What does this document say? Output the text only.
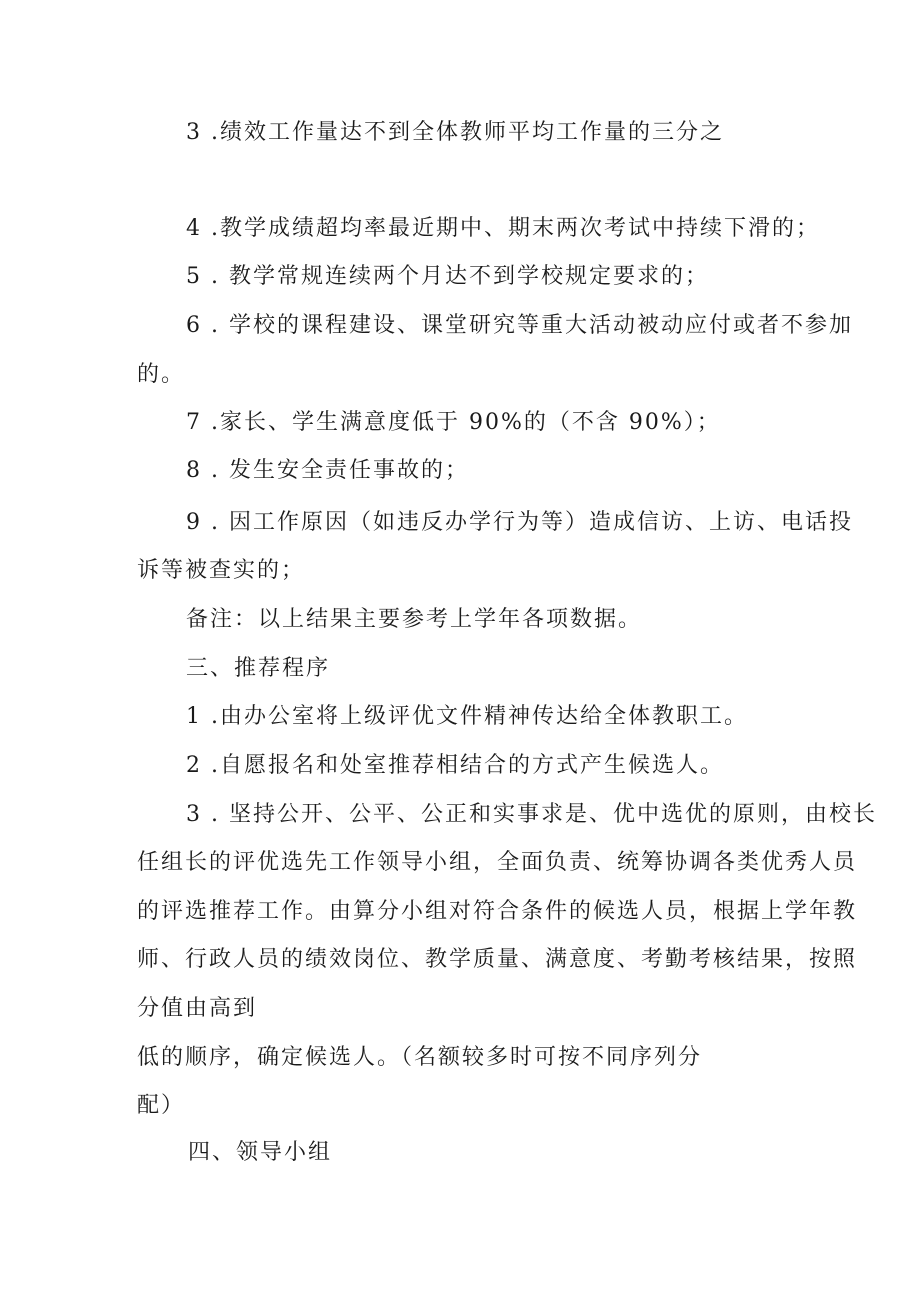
3 .绩效工作量达不到全体教师平均工作量的三分之
4 .教学成绩超均率最近期中、期末两次考试中持续下滑的；
5 . 教学常规连续两个月达不到学校规定要求的；
6 . 学校的课程建设、课堂研究等重大活动被动应付或者不参加
的。
7 .家长、学生满意度低于 90%的（不含 90%）；
8 . 发生安全责任事故的；
9 . 因工作原因（如违反办学行为等）造成信访、上访、电话投
诉等被查实的；
备注：以上结果主要参考上学年各项数据。
三、推荐程序
1 .由办公室将上级评优文件精神传达给全体教职工。
2 .自愿报名和处室推荐相结合的方式产生候选人。
3 . 坚持公开、公平、公正和实事求是、优中选优的原则，由校长
任组长的评优选先工作领导小组，全面负责、统筹协调各类优秀人员
的评选推荐工作。由算分小组对符合条件的候选人员，根据上学年教
师、行政人员的绩效岗位、教学质量、满意度、考勤考核结果，按照
分值由高到
低的顺序，确定候选人。（名额较多时可按不同序列分
配）
四、领导小组
